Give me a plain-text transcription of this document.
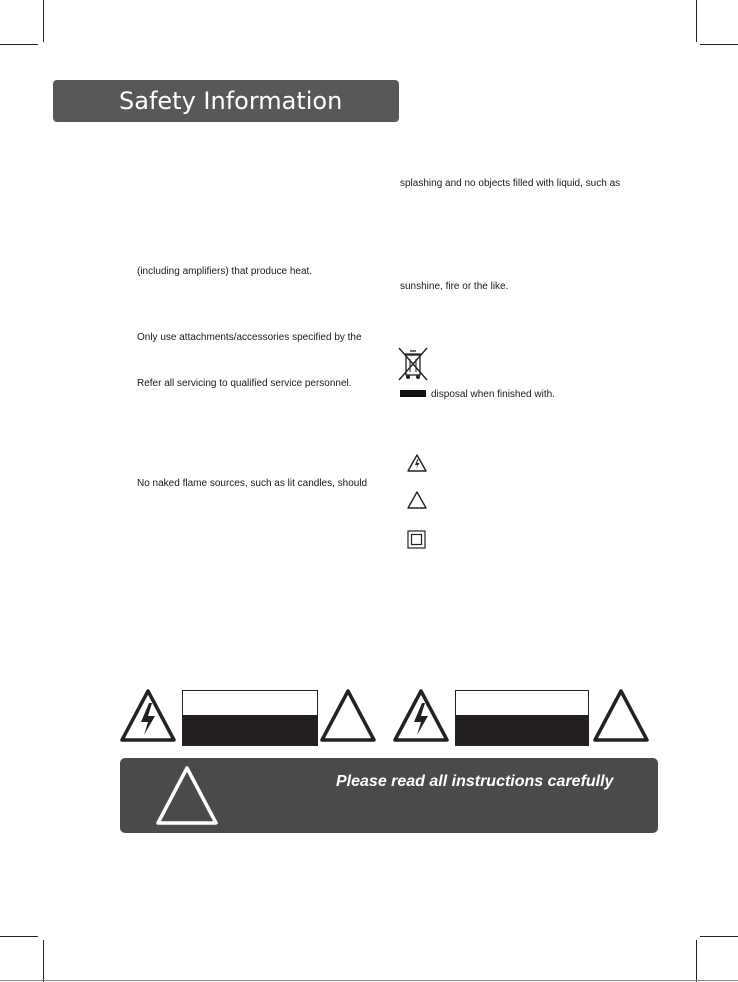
Safety Information
(including amplifiers) that produce heat.
Only use attachments/accessories specified by the
Refer all servicing to qualified service personnel.
No naked flame sources, such as lit candles, should
splashing and no objects filled with liquid, such as
sunshine, fire or the like.
disposal when finished with.
Please read all instructions carefully
